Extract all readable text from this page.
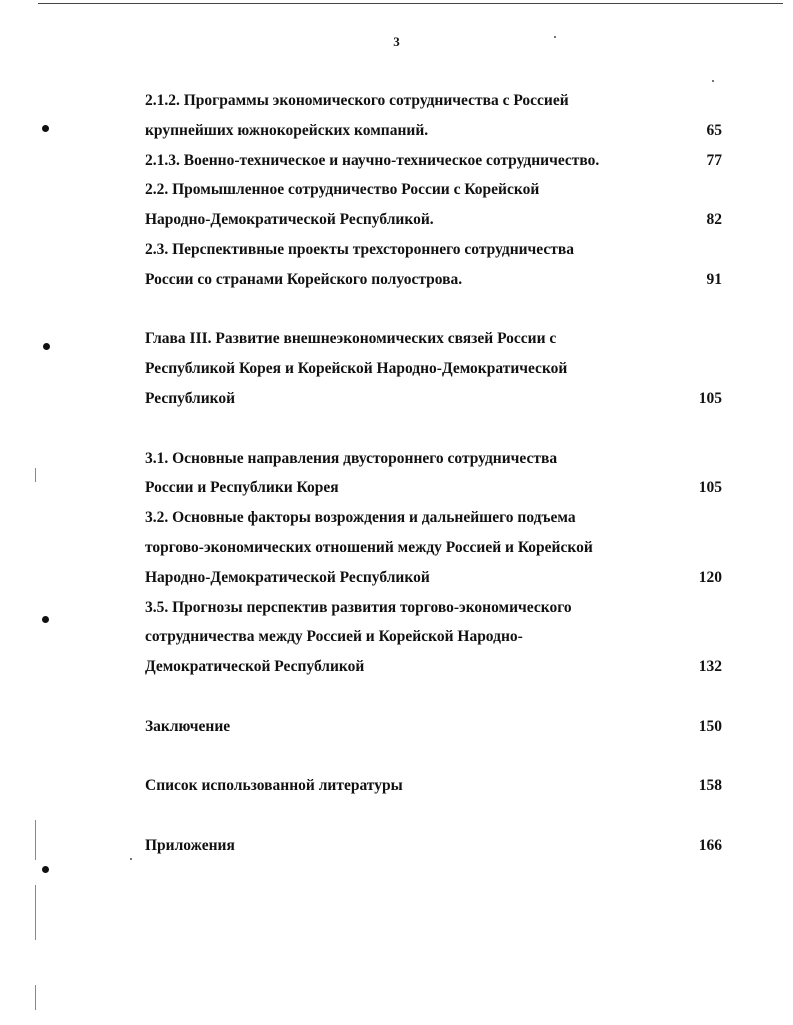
3
2.1.2. Программы экономического сотрудничества с Россией
крупнейших южнокорейских компаний.	65
2.1.3. Военно-техническое и научно-техническое сотрудничество.	77
2.2. Промышленное сотрудничество России с Корейской
Народно-Демократической Республикой.	82
2.3. Перспективные проекты трехстороннего сотрудничества
России со странами Корейского полуострова.	91
Глава III. Развитие внешнеэкономических связей России с
Республикой Корея и Корейской Народно-Демократической
Республикой	105
3.1. Основные направления двустороннего сотрудничества
России и Республики Корея	105
3.2. Основные факторы возрождения и дальнейшего подъема
торгово-экономических отношений между Россией и Корейской
Народно-Демократической Республикой	120
3.5. Прогнозы перспектив развития торгово-экономического
сотрудничества между Россией и Корейской Народно-
Демократической Республикой	132
Заключение	150
Список использованной литературы	158
Приложения	166
